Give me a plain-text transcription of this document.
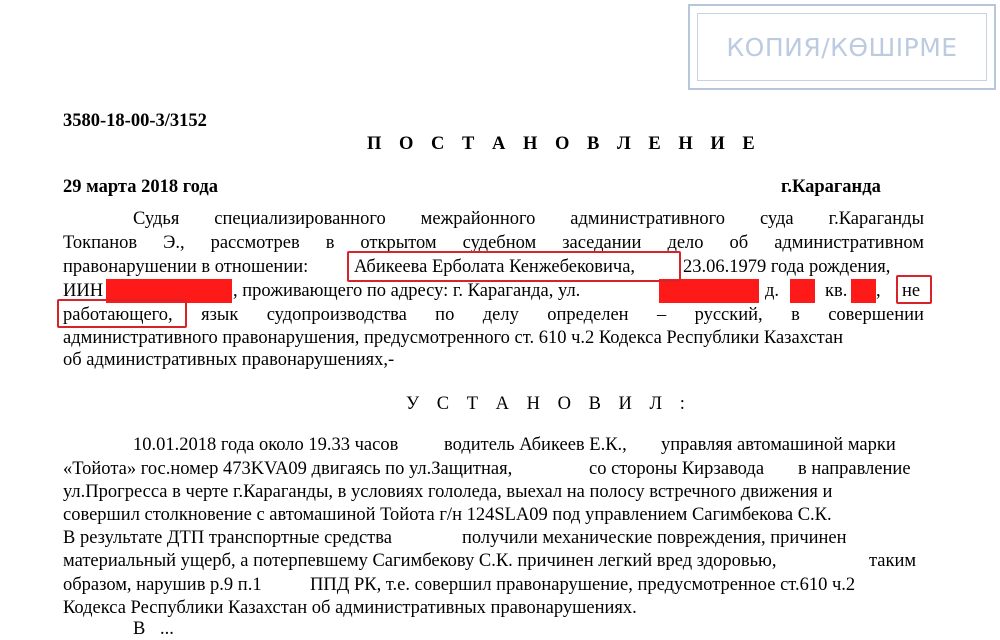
КОПИЯ/КӨШІРМЕ
3580-18-00-3/3152
П О С Т А Н О В Л Е Н И Е
29 марта 2018 года	г.Караганда
Судья специализированного межрайонного административного суда г.Караганды
Токпанов Э., рассмотрев в открытом судебном заседании дело об административном
правонарушении в отношении: Абикеева Ерболата Кенжебековича,	23.06.1979 года рождения,
ИИН	, проживающего по адресу: г. Караганда, ул.	д. кв. , не
работающего, язык судопроизводства по делу определен – русский, в совершении
административного правонарушения, предусмотренного ст. 610 ч.2 Кодекса Республики Казахстан
об административных правонарушениях,-
У С Т А Н О В И Л :
10.01.2018 года около 19.33 часов водитель Абикеев Е.К., управляя автомашиной марки
«Тойота» гос.номер 473KVA09 двигаясь по ул.Защитная,	со стороны Кирзавода в направление
ул.Прогресса в черте г.Караганды, в условиях гололеда, выехал на полосу встречного движения и
совершил столкновение с автомашиной Тойота г/н 124SLA09 под управлением Сагимбекова С.К.
В результате ДТП транспортные средства	получили механические повреждения, причинен
материальный ущерб, а потерпевшему Сагимбекову С.К. причинен легкий вред здоровью,	таким
образом, нарушив р.9 п.1	ППД РК, т.е. совершил правонарушение, предусмотренное ст.610 ч.2
Кодекса Республики Казахстан об административных правонарушениях.
В ...
